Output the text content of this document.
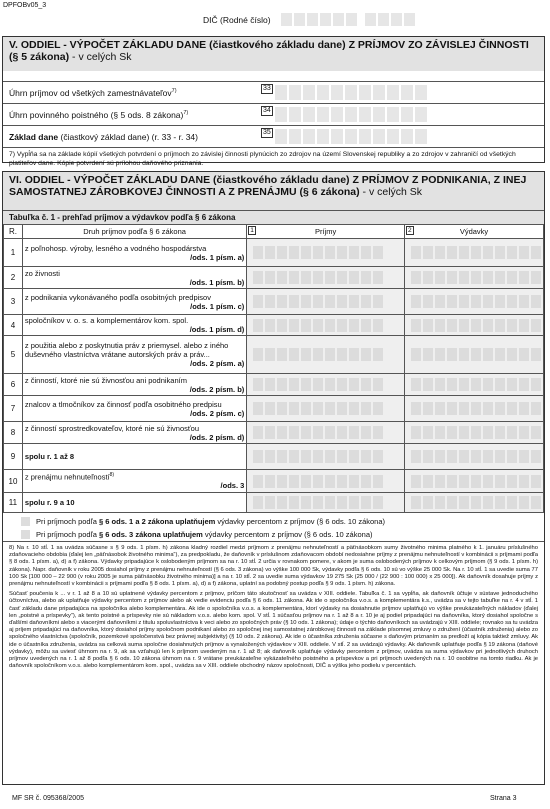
DPFOBv05_3
DIČ (Rodné číslo)
V. ODDIEL - VÝPOČET ZÁKLADU DANE (čiastkového základu dane) Z PRÍJMOV ZO ZÁVISLEJ ČINNOSTI (§ 5 zákona) - v celých Sk
Úhrn príjmov od všetkých zamestnávateľov$^{7)}$	33
Úhrn povinného poistného (§ 5 ods. 8 zákona)$^{7)}$	34
Základ dane (čiastkový základ dane) (r. 33 - r. 34)	35
7) Vypĺňa sa na základe kópií všetkých potvrdení o príjmoch zo závislej činnosti plynúcich zo zdrojov na území Slovenskej republiky a zo zdrojov v zahraničí od všetkých platiteľov dane. Kópie potvrdení sú prílohou daňového priznania.
VI. ODDIEL - VÝPOČET ZÁKLADU DANE (čiastkového základu dane) Z PRÍJMOV Z PODNIKANIA, Z INEJ SAMOSTATNEJ ZÁROBKOVEJ ČINNOSTI A Z PRENÁJMU (§ 6 zákona) - v celých Sk
Tabuľka č. 1 - prehľad príjmov a výdavkov podľa § 6 zákona
R.	Druh príjmov podľa § 6 zákona	1 Príjmy	2 Výdavky
1	z poľnohosp. výroby, lesného a vodného hospodárstva
/ods. 1 písm. a)		

2	zo živnosti
/ods. 1 písm. b)		

3	z podnikania vykonávaného podľa osobitných predpisov
/ods. 1 písm. c)		

4	spoločníkov v. o. s. a komplementárov kom. spol.
/ods. 1 písm. d)		

5	z použitia alebo z poskytnutia práv z priemysel. alebo z iného duševného vlastníctva vrátane autorských práv a práv...
/ods. 2 písm. a)		

6	z činností, ktoré nie sú živnosťou ani podnikaním
/ods. 2 písm. b)		

7	znalcov a tlmočníkov za činnosť podľa osobitného predpisu
/ods. 2 písm. c)		

8	z činností sprostredkovateľov, ktoré nie sú živnosťou
/ods. 2 písm. d)		

9	spolu r. 1 až 8		

10	z prenájmu nehnuteľností$^{8)}$
/ods. 3		

11	spolu r. 9 a 10		

Pri príjmoch podľa § 6 ods. 1 a 2 zákona uplatňujem výdavky percentom z príjmov (§ 6 ods. 10 zákona)
Pri príjmoch podľa § 6 ods. 3 zákona uplatňujem výdavky percentom z príjmov (§ 6 ods. 10 zákona)
8) Na r. 10 stĺ. 1 sa uvádza súčasne s § 9 ods. 1 písm. h) zákona kladný rozdiel medzi príjmom z prenájmu nehnuteľností a päťnásobkom sumy životného minima platného k 1. januáru príslušného zdaňovacieho obdobia (ďalej len „päťnásobok životného minima“), za predpokladu, že daňovník v príslušnom zdaňovacom období nedosiahne príjmy z prenájmu nehnuteľností v kombinácii s príjmami podľa § 8 ods. 1 písm. a), d) a f) zákona. Výdavky pripadajúce k oslobodeným príjmom sa na r. 10 stĺ. 2 určia v rovnakom pomere, v akom je suma oslobodených príjmov k celkovým príjmom (§ 9 ods. 1 písm. h) zákona). Napr. daňovník v roku 2005 dosiahol príjmy z prenájmu nehnuteľností (§ 6 ods. 3 zákona) vo výške 100 000 Sk, výdavky podľa § 6 ods. 10 sú vo výške 25 000 Sk. Na r. 10 stĺ. 1 sa uvedie suma 77 100 Sk [100 000 – 22 900 (v roku 2005 je suma päťnásobku životného minima)] a na r. 10 stĺ. 2 sa uvedie suma výdavkov 19 275 Sk (25 000 / (22 900 : 100 000) x 25 000]). Ak daňovník dosahuje príjmy z prenájmu nehnuteľností v kombinácii s príjmami podľa § 8 ods. 1 písm. a), d) a f) zákona, uplatní sa podobný postup podľa § 9 ods. 1 písm. h) zákona.
Súčasť poučenia k ... v r. 1 až 8 a 10 sú uplatnené výdavky percentom z príjmov, príčom táto skutočnosť sa uvádza v XIII. oddiele. Tabuľka č. 1 sa vypĺňa, ak daňovník účtuje v sústave jednoduchého účtovníctva, alebo ak uplatňuje výdavky percentom z príjmov alebo ak vedie evidenciu podľa § 6 ods. 11 zákona. Ak ide o spoločníka v.o.s. a komplementára k.s., uvádza sa v tejto tabuľke na r. 4 v stĺ. 1 časť základu dane pripadajúca na spoločníka alebo komplementára. Ak ide o spoločníka v.o.s. a komplementára, ktorí výdavky na dosiahnutie príjmov uplatňujú vo výške preukázateľných nákladov (ďalej len „poistné a príspevky“), ak tento poistné a príspevky nie sú nákladom v.o.s. alebo kom. spol. V stĺ. 1 súčasťou príjmov na r. 1 až 8 a r. 10 je aj podiel pripadajúci na daňovníka, ktorý dosiahol spoločne s ďalšími daňovníkmi alebo s viacerými daňovníkmi z titulu spoluvlastníctva k veci alebo zo spoločných práv (§ 10 ods. 1 zákona); údaje o týchto daňovníkoch sa uvádzajú v XIII. oddiele; rovnako sa tu uvádza aj príjem pripadajúci na daňovníka, ktorý dosiahol príjmy spoločnom podnikaní alebo zo spoločnej inej samostatnej zárobkovej činnosti na základe písomnej zmluvy o združení (účastník združenia) alebo zo spoločného vlastníctva (spoločník, pozemkové spoločenstvá bez právnej subjektivity) (§ 10 ods. 2 zákona). Ak ide o účastníka združenia súčasne s daňovým priznaním sa predloží aj kópia taktiež zmluvy. Ak ide o účastníka združenia, uvádza sa celková suma spoločne dosiahnutých príjmov a vynaložených výdavkov v XIII. oddiele. V stĺ. 2 sa uvádzajú výdavky. Ak daňovník uplatňuje podľa § 19 zákona (daňové výdavky), môžu sa uviesť úhrnom na r. 9, ak sa vzťahujú len k príjmom uvedeným na r. 1 až 8; ak daňovník uplatňuje výdavky percentom z príjmov, uvádza sa suma výdavkov pri jednotlivých druhoch príjmov uvedených na r. 1 až 8 podľa § 6 ods. 10 zákona úhrnom na r. 9 vrátane preukázateľne vykázateľného poistného a príspevkov a pri príjmoch uvedených na r. 10 osobitne na tomto riadku. Ak je daňovník spoločníkom v.o.s. alebo komplementárom kom. spol., uvádza sa v XIII. oddiele obchodný názov spoločnosti, DIČ a výška jeho podielu v percentách.
MF SR č. 095368/2005	Strana 3
